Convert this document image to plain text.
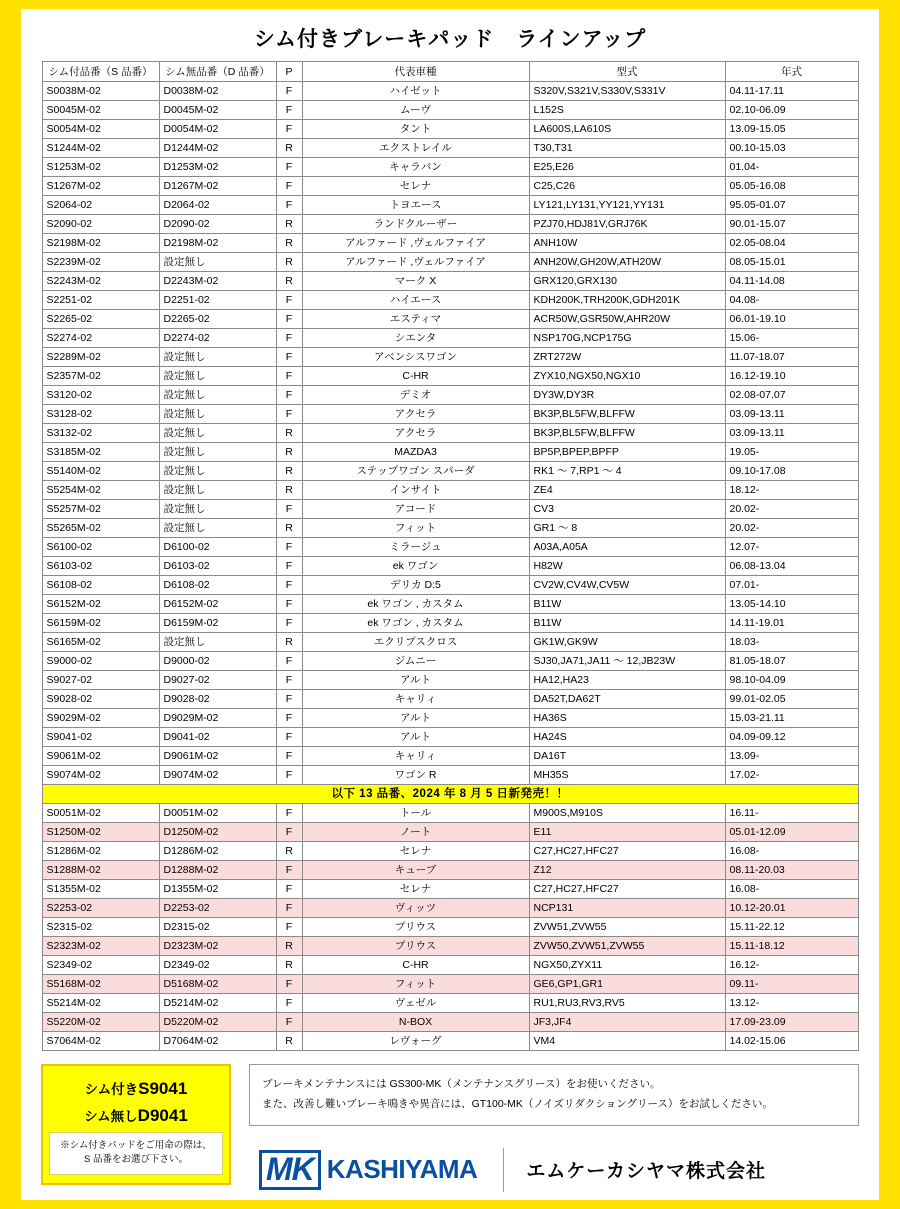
シム付きブレーキパッド　ラインアップ
シム付品番（S 品番）	シム無品番（D 品番）	P	代表車種	型式	年式
S0038M-02	D0038M-02	F	ハイゼット	S320V,S321V,S330V,S331V	04.11-17.11
S0045M-02	D0045M-02	F	ムーヴ	L152S	02.10-06.09
S0054M-02	D0054M-02	F	タント	LA600S,LA610S	13.09-15.05
S1244M-02	D1244M-02	R	エクストレイル	T30,T31	00.10-15.03
S1253M-02	D1253M-02	F	キャラバン	E25,E26	01.04-
S1267M-02	D1267M-02	F	セレナ	C25,C26	05.05-16.08
S2064-02	D2064-02	F	トヨエース	LY121,LY131,YY121,YY131	95.05-01.07
S2090-02	D2090-02	R	ランドクルーザー	PZJ70,HDJ81V,GRJ76K	90.01-15.07
S2198M-02	D2198M-02	R	アルファード ,ヴェルファイア	ANH10W	02.05-08.04
S2239M-02	設定無し	R	アルファード ,ヴェルファイア	ANH20W,GH20W,ATH20W	08.05-15.01
S2243M-02	D2243M-02	R	マーク X	GRX120,GRX130	04.11-14.08
S2251-02	D2251-02	F	ハイエース	KDH200K,TRH200K,GDH201K	04.08-
S2265-02	D2265-02	F	エスティマ	ACR50W,GSR50W,AHR20W	06.01-19.10
S2274-02	D2274-02	F	シエンタ	NSP170G,NCP175G	15.06-
S2289M-02	設定無し	F	アベンシスワゴン	ZRT272W	11.07-18.07
S2357M-02	設定無し	F	C-HR	ZYX10,NGX50,NGX10	16.12-19.10
S3120-02	設定無し	F	デミオ	DY3W,DY3R	02.08-07.07
S3128-02	設定無し	F	アクセラ	BK3P,BL5FW,BLFFW	03.09-13.11
S3132-02	設定無し	R	アクセラ	BK3P,BL5FW,BLFFW	03.09-13.11
S3185M-02	設定無し	R	MAZDA3	BP5P,BPEP,BPFP	19.05-
S5140M-02	設定無し	R	ステップワゴン スパーダ	RK1 ～ 7,RP1 ～ 4	09.10-17.08
S5254M-02	設定無し	R	インサイト	ZE4	18.12-
S5257M-02	設定無し	F	アコード	CV3	20.02-
S5265M-02	設定無し	R	フィット	GR1 ～ 8	20.02-
S6100-02	D6100-02	F	ミラージュ	A03A,A05A	12.07-
S6103-02	D6103-02	F	ek ワゴン	H82W	06.08-13.04
S6108-02	D6108-02	F	デリカ D:5	CV2W,CV4W,CV5W	07.01-
S6152M-02	D6152M-02	F	ek ワゴン , カスタム	B11W	13.05-14.10
S6159M-02	D6159M-02	F	ek ワゴン , カスタム	B11W	14.11-19.01
S6165M-02	設定無し	R	エクリプスクロス	GK1W,GK9W	18.03-
S9000-02	D9000-02	F	ジムニー	SJ30,JA71,JA11 ～ 12,JB23W	81.05-18.07
S9027-02	D9027-02	F	アルト	HA12,HA23	98.10-04.09
S9028-02	D9028-02	F	キャリィ	DA52T,DA62T	99.01-02.05
S9029M-02	D9029M-02	F	アルト	HA36S	15.03-21.11
S9041-02	D9041-02	F	アルト	HA24S	04.09-09.12
S9061M-02	D9061M-02	F	キャリィ	DA16T	13.09-
S9074M-02	D9074M-02	F	ワゴン R	MH35S	17.02-
以下 13 品番、2024 年 8 月 5 日新発売！！					
S0051M-02	D0051M-02	F	トール	M900S,M910S	16.11-
S1250M-02	D1250M-02	F	ノート	E11	05.01-12.09
S1286M-02	D1286M-02	R	セレナ	C27,HC27,HFC27	16.08-
S1288M-02	D1288M-02	F	キューブ	Z12	08.11-20.03
S1355M-02	D1355M-02	F	セレナ	C27,HC27,HFC27	16.08-
S2253-02	D2253-02	F	ヴィッツ	NCP131	10.12-20.01
S2315-02	D2315-02	F	プリウス	ZVW51,ZVW55	15.11-22.12
S2323M-02	D2323M-02	R	プリウス	ZVW50,ZVW51,ZVW55	15.11-18.12
S2349-02	D2349-02	R	C-HR	NGX50,ZYX11	16.12-
S5168M-02	D5168M-02	F	フィット	GE6,GP1,GR1	09.11-
S5214M-02	D5214M-02	F	ヴェゼル	RU1,RU3,RV3,RV5	13.12-
S5220M-02	D5220M-02	F	N-BOX	JF3,JF4	17.09-23.09
S7064M-02	D7064M-02	R	レヴォーグ	VM4	14.02-15.06
シム付きS9041
シム無しD9041
※シム付きパッドをご用命の際は、
S 品番をお選び下さい。
ブレーキメンテナンスには GS300-MK（メンテナンスグリース）をお使いください。
また、改善し難いブレーキ鳴きや異音には、GT100-MK（ノイズリダクショングリース）をお試しください。
MK KASHIYAMA	エムケーカシヤマ株式会社
